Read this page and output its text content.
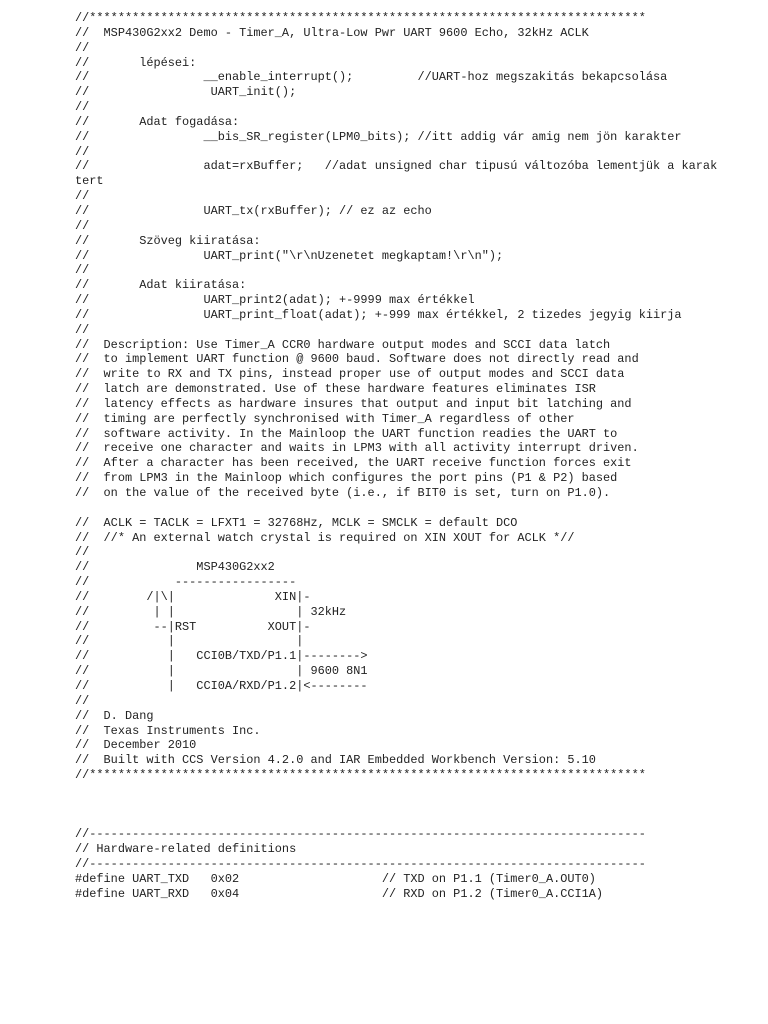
//******************************************************************************
//  MSP430G2xx2 Demo - Timer_A, Ultra-Low Pwr UART 9600 Echo, 32kHz ACLK
//
//       lépései:
//                __enable_interrupt();         //UART-hoz megszakitás bekapcsolása
//                 UART_init();
//
//       Adat fogadása:
//                __bis_SR_register(LPM0_bits); //itt addig vár amig nem jön karakter
//
//                adat=rxBuffer;   //adat unsigned char tipusú változóba lementjük a karak
tert
//
//                UART_tx(rxBuffer); // ez az echo
//
//       Szöveg kiiratása:
//                UART_print("\r\nUzenetet megkaptam!\r\n");
//
//       Adat kiiratása:
//                UART_print2(adat); +-9999 max értékkel
//                UART_print_float(adat); +-999 max értékkel, 2 tizedes jegyig kiirja
//
//  Description: Use Timer_A CCR0 hardware output modes and SCCI data latch
//  to implement UART function @ 9600 baud. Software does not directly read and
//  write to RX and TX pins, instead proper use of output modes and SCCI data
//  latch are demonstrated. Use of these hardware features eliminates ISR
//  latency effects as hardware insures that output and input bit latching and
//  timing are perfectly synchronised with Timer_A regardless of other
//  software activity. In the Mainloop the UART function readies the UART to
//  receive one character and waits in LPM3 with all activity interrupt driven.
//  After a character has been received, the UART receive function forces exit
//  from LPM3 in the Mainloop which configures the port pins (P1 & P2) based
//  on the value of the received byte (i.e., if BIT0 is set, turn on P1.0).
//  ACLK = TACLK = LFXT1 = 32768Hz, MCLK = SMCLK = default DCO
//  //* An external watch crystal is required on XIN XOUT for ACLK *//
//
//               MSP430G2xx2
//            -----------------
//        /|\|              XIN|-
//         | |                 | 32kHz
//         --|RST          XOUT|-
//           |                 |
//           |   CCI0B/TXD/P1.1|-------->
//           |                 | 9600 8N1
//           |   CCI0A/RXD/P1.2|<--------
//
//  D. Dang
//  Texas Instruments Inc.
//  December 2010
//  Built with CCS Version 4.2.0 and IAR Embedded Workbench Version: 5.10
//******************************************************************************
//------------------------------------------------------------------------------
// Hardware-related definitions
//------------------------------------------------------------------------------
#define UART_TXD   0x02                    // TXD on P1.1 (Timer0_A.OUT0)
#define UART_RXD   0x04                    // RXD on P1.2 (Timer0_A.CCI1A)
